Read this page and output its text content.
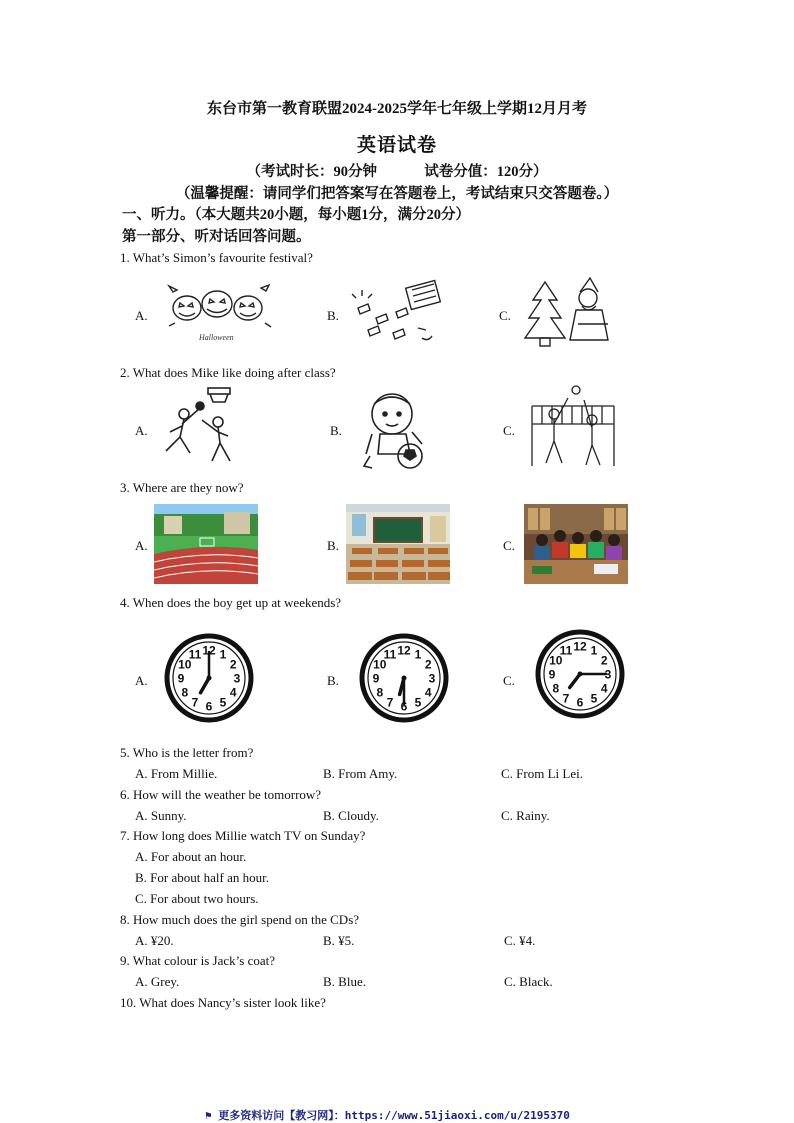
东台市第一教育联盟2024-2025学年七年级上学期12月月考
英语试卷
（考试时长：90分钟	试卷分值：120分）
（温馨提醒：请同学们把答案写在答题卷上，考试结束只交答题卷。）
一、听力。（本大题共20小题，每小题1分，满分20分）
第一部分、听对话回答问题。
1. What’s Simon’s favourite festival?
A.	B.	C.
Halloween
2. What does Mike like doing after class?
A.	B.	C.
3. Where are they now?
A.	B.	C.
4. When does the boy get up at weekends?
A.	B.	C.
1
2
3
4
5
6
7
8
9
10
11 12	1
2
3
4
5
6
7
8
9
10
11 12	1
2
3
4
5
6
7
8
9
10
11 12
5. Who is the letter from?
A. From Millie.	B. From Amy.	C. From Li Lei.
6. How will the weather be tomorrow?
A. Sunny.	B. Cloudy.	C. Rainy.
7. How long does Millie watch TV on Sunday?
A. For about an hour.
B. For about half an hour.
C. For about two hours.
8. How much does the girl spend on the CDs?
A. ¥20.	B. ¥5.	C. ¥4.
9. What colour is Jack’s coat?
A. Grey.	B. Blue.	C. Black.
10. What does Nancy’s sister look like?
⚑ 更多资料访问【教习网】：https://www.51jiaoxi.com/u/2195370
